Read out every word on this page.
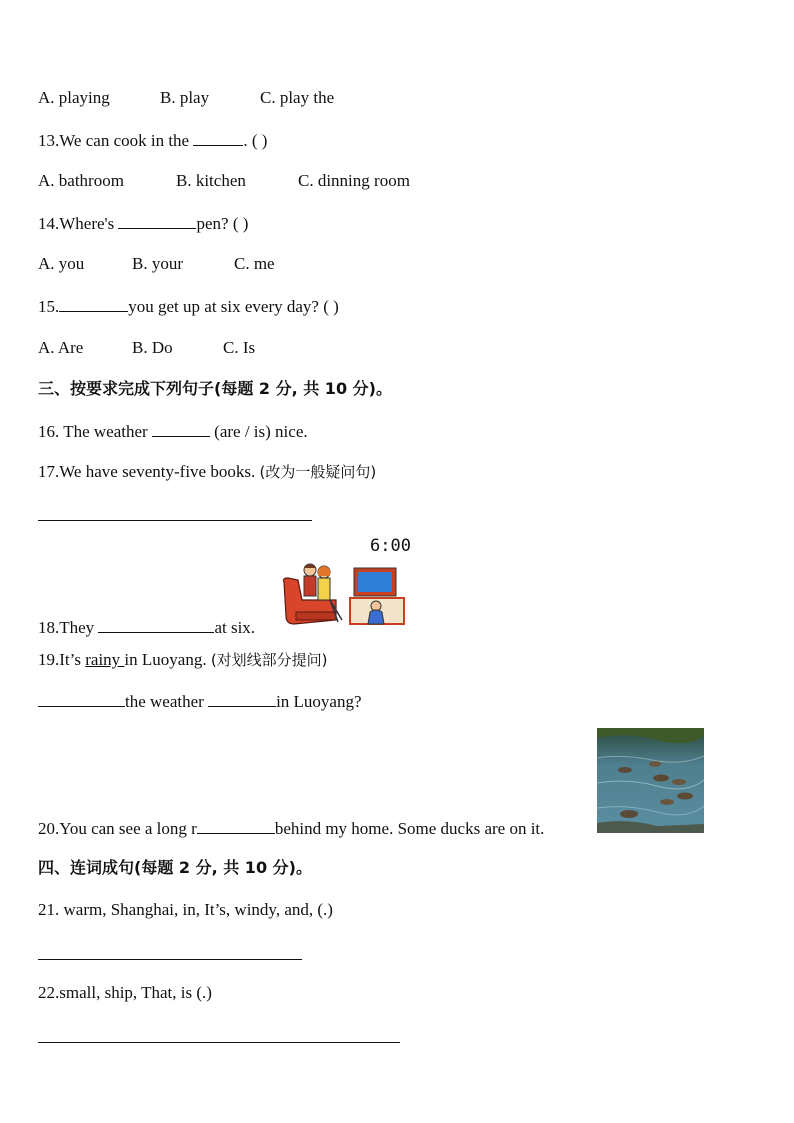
A. playing	B. play	C. play the
13.We can cook in the	. ( )
A. bathroom	B. kitchen	C. dinning room
14.Where's	pen? ( )
A. you	B. your	C. me
15.	you get up at six every day? ( )
A. Are	B. Do	C. Is
三、按要求完成下列句子(每题 2 分, 共 10 分)。
16. The weather	(are / is) nice.
17.We have seventy-five books. (改为一般疑问句)
6:00
18.They	at six.
19.It’s rainy in Luoyang. (对划线部分提问)
the weather	in Luoyang?
20.You can see a long r	behind my home. Some ducks are on it.
四、连词成句(每题 2 分, 共 10 分)。
21. warm, Shanghai, in, It’s, windy, and, (.)
22.small, ship, That, is (.)
